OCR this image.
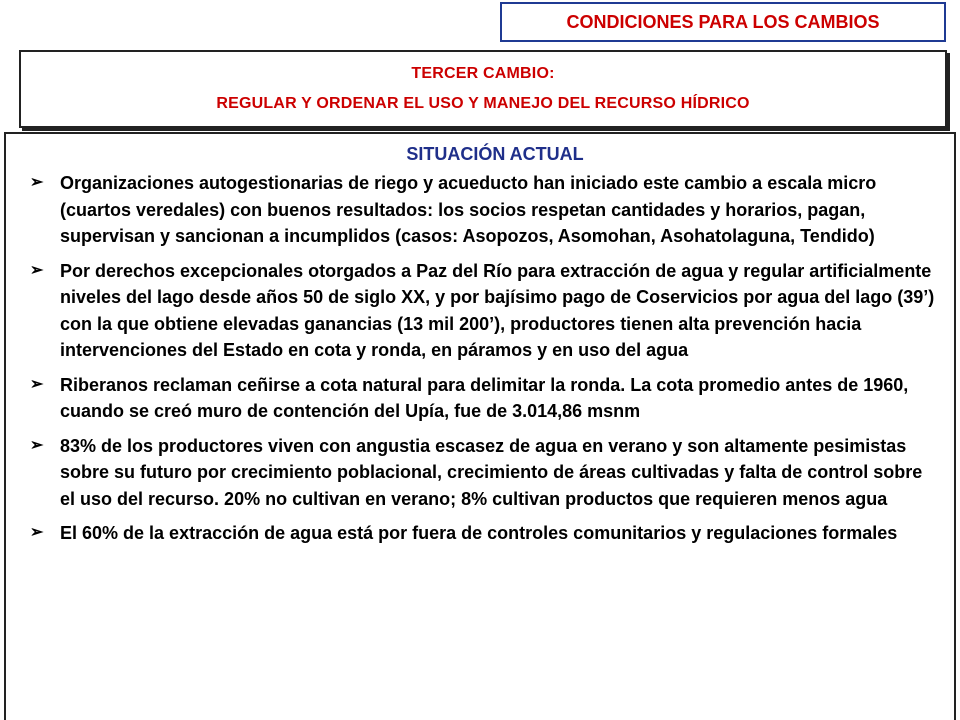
CONDICIONES PARA LOS CAMBIOS
TERCER CAMBIO:
REGULAR Y ORDENAR EL USO Y MANEJO DEL RECURSO HÍDRICO
SITUACIÓN ACTUAL
➢ Organizaciones autogestionarias de riego y acueducto han iniciado este cambio a escala micro (cuartos veredales) con buenos resultados: los socios respetan cantidades y horarios, pagan, supervisan y sancionan a incumplidos (casos: Asopozos, Asomohan, Asohatolaguna, Tendido)
➢ Por derechos excepcionales otorgados a Paz del Río para extracción de agua y regular artificialmente niveles del lago desde años 50 de siglo XX, y por bajísimo pago de Coservicios por agua del lago (39’) con la que obtiene elevadas ganancias (13 mil 200’), productores tienen alta prevención hacia intervenciones del Estado en cota y ronda, en páramos y en uso del agua
➢ Riberanos reclaman ceñirse a cota natural para delimitar la ronda. La cota promedio antes de 1960, cuando se creó muro de contención del Upía, fue de 3.014,86 msnm
➢ 83% de los productores viven con angustia escasez de agua en verano y son altamente pesimistas sobre su futuro por crecimiento poblacional, crecimiento de áreas cultivadas y falta de control sobre el uso del recurso. 20% no cultivan en verano; 8% cultivan productos que requieren menos agua
➢ El 60% de la extracción de agua está por fuera de controles comunitarios y regulaciones formales
